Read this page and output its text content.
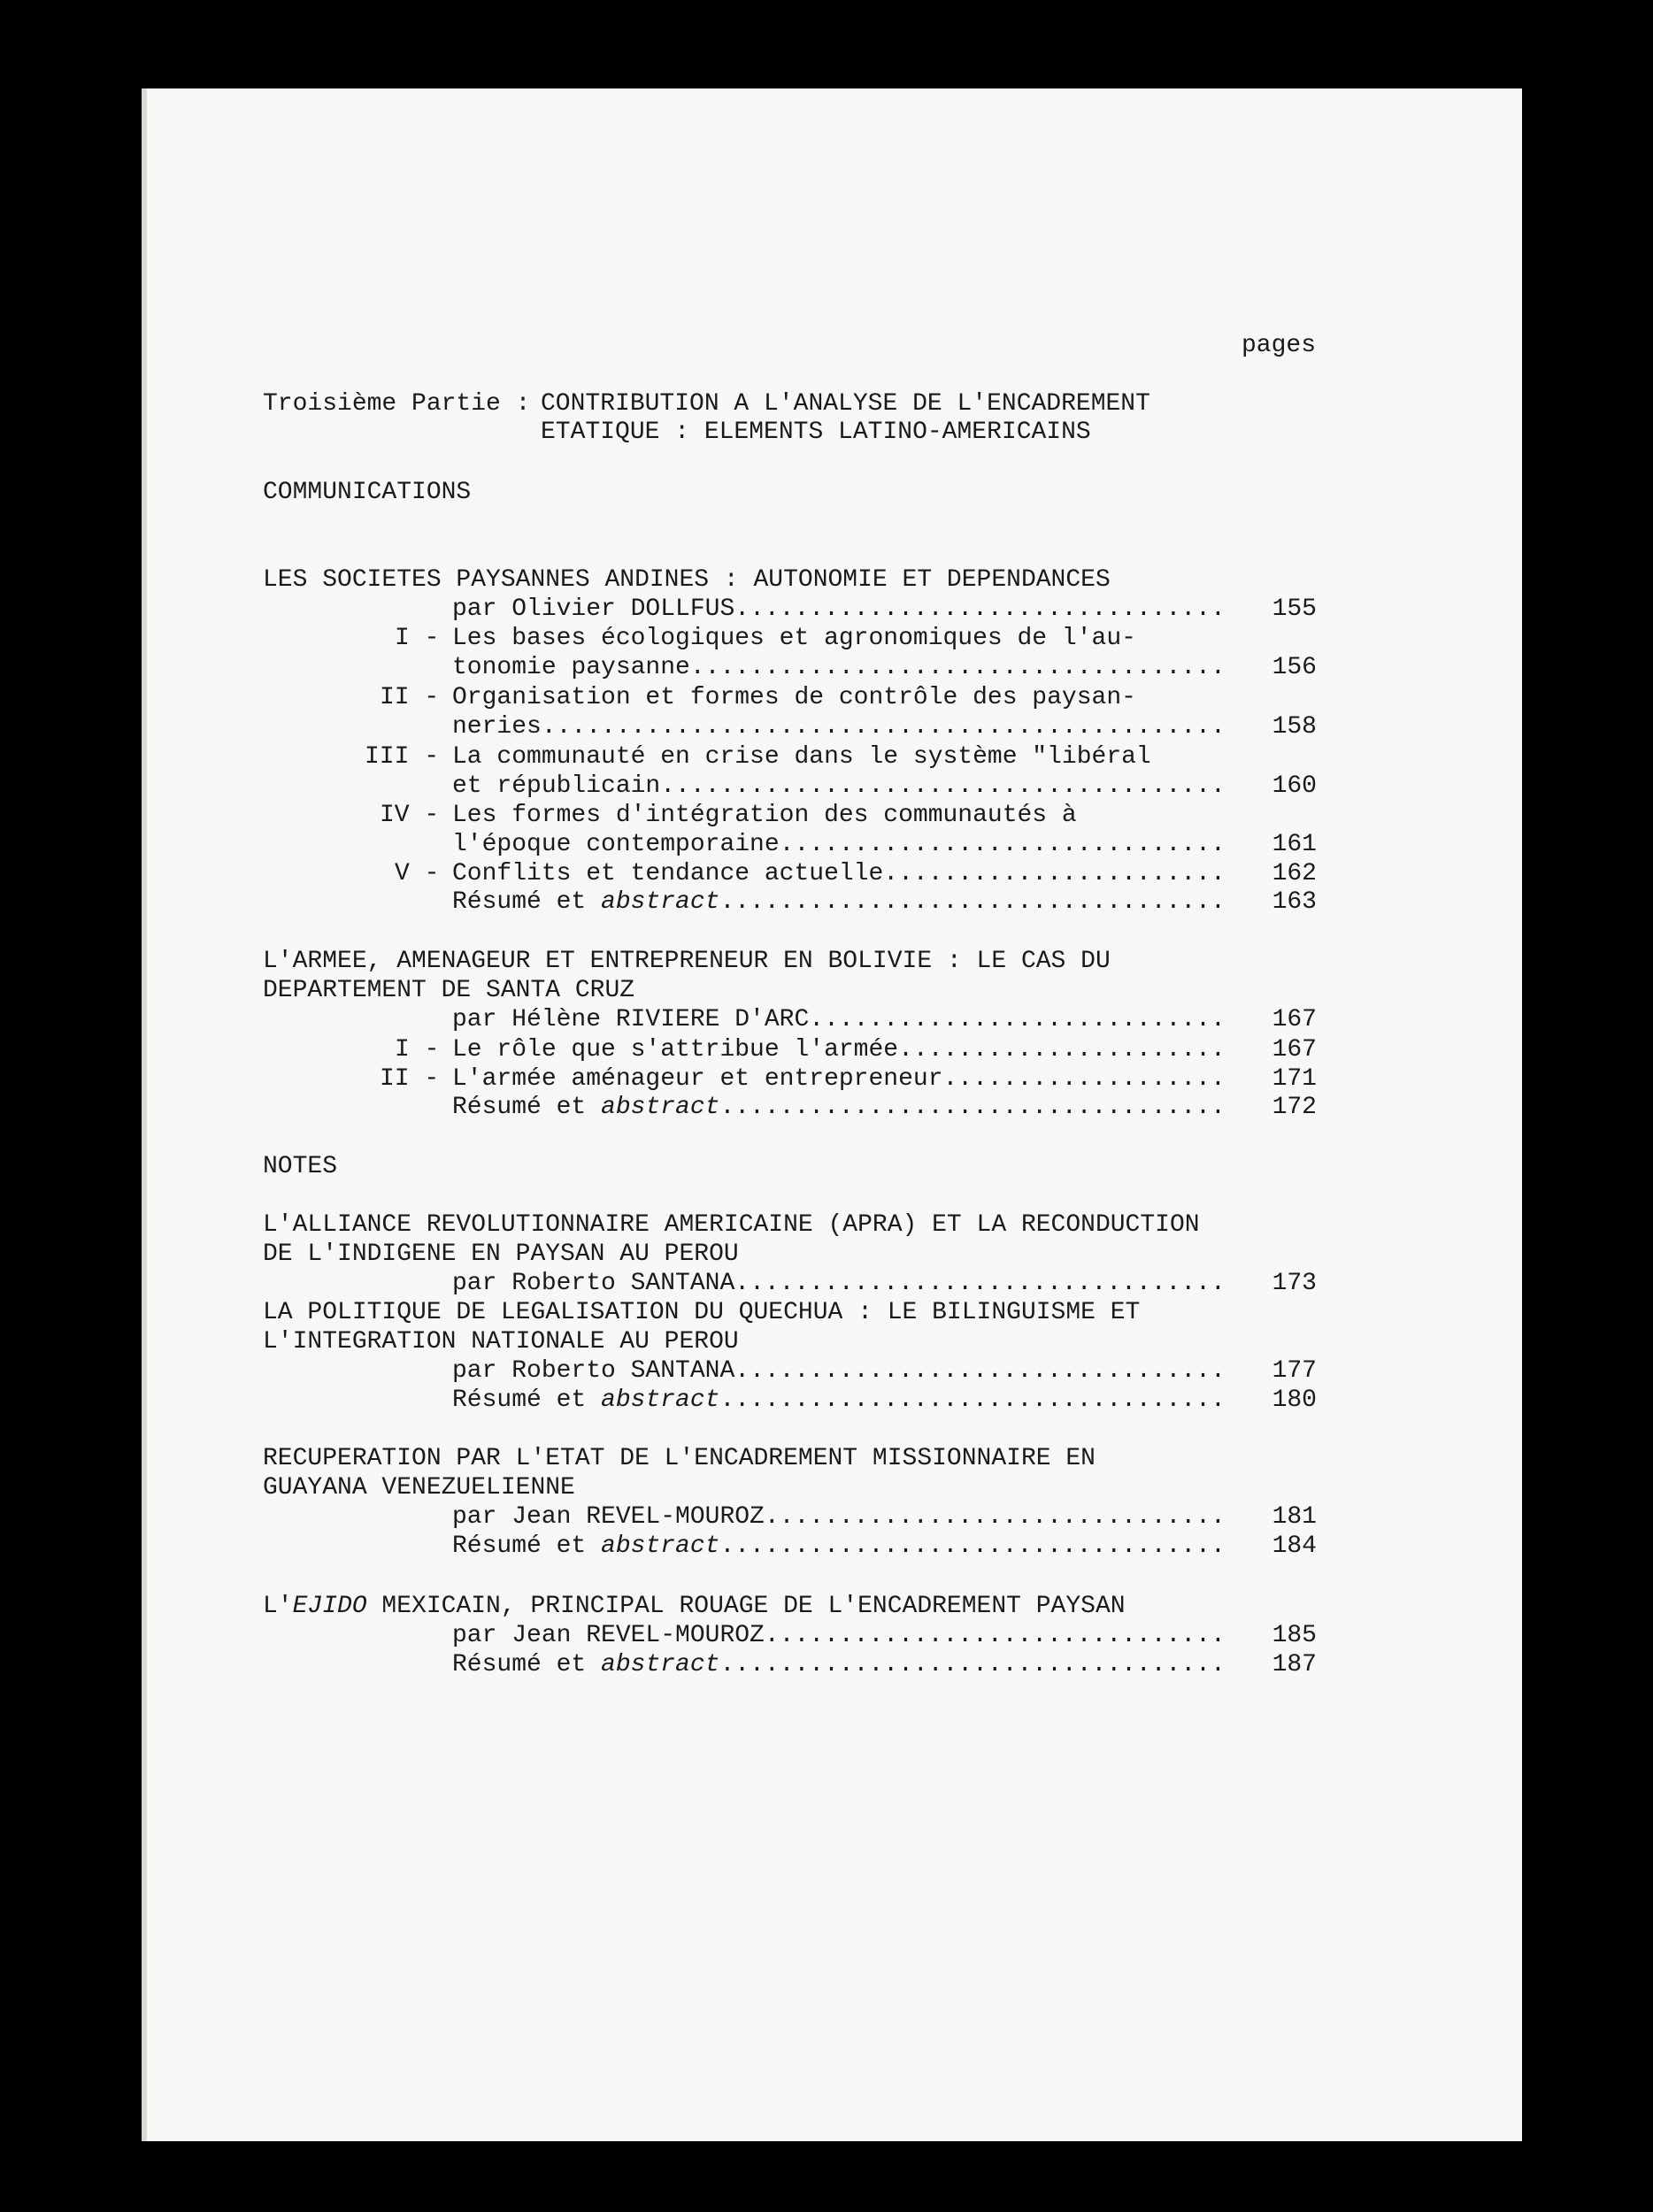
pages
Troisième Partie : CONTRIBUTION A L'ANALYSE DE L'ENCADREMENT
ETATIQUE : ELEMENTS LATINO-AMERICAINS
COMMUNICATIONS
LES SOCIETES PAYSANNES ANDINES : AUTONOMIE ET DEPENDANCES
par Olivier DOLLFUS .....	155
I - Les bases écologiques et agronomiques de l'au-
tonomie paysanne .....	156
II - Organisation et formes de contrôle des paysan-
neries .....	158
III - La communauté en crise dans le système "libéral
et républicain .....	160
IV - Les formes d'intégration des communautés à
l'époque contemporaine .....	161
V - Conflits et tendance actuelle .....	162
Résumé et abstract .....	163
L'ARMEE, AMENAGEUR ET ENTREPRENEUR EN BOLIVIE : LE CAS DU
DEPARTEMENT DE SANTA CRUZ
par Hélène RIVIERE D'ARC .....	167
I - Le rôle que s'attribue l'armée .....	167
II - L'armée aménageur et entrepreneur .....	171
Résumé et abstract .....	172
NOTES
L'ALLIANCE REVOLUTIONNAIRE AMERICAINE (APRA) ET LA RECONDUCTION
DE L'INDIGENE EN PAYSAN AU PEROU
par Roberto SANTANA .....	173
LA POLITIQUE DE LEGALISATION DU QUECHUA : LE BILINGUISME ET
L'INTEGRATION NATIONALE AU PEROU
par Roberto SANTANA .....	177
Résumé et abstract .....	180
RECUPERATION PAR L'ETAT DE L'ENCADREMENT MISSIONNAIRE EN
GUAYANA VENEZUELIENNE
par Jean REVEL-MOUROZ .....	181
Résumé et abstract .....	184
L'EJIDO MEXICAIN, PRINCIPAL ROUAGE DE L'ENCADREMENT PAYSAN
par Jean REVEL-MOUROZ .....	185
Résumé et abstract .....	187
